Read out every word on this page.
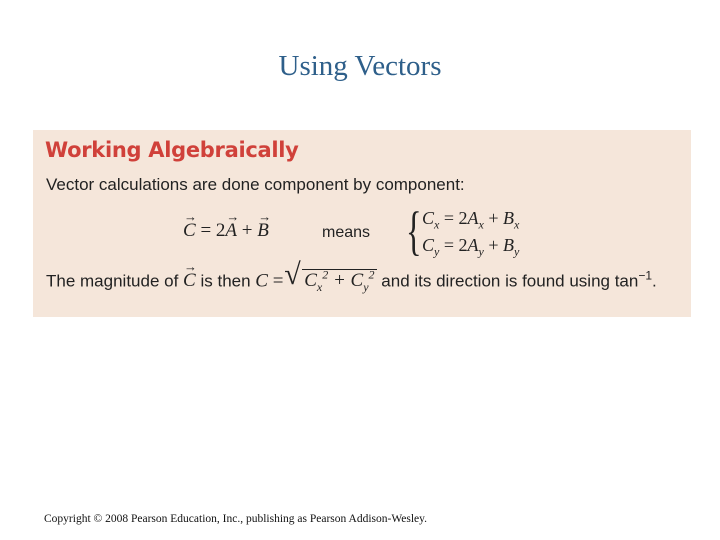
Using Vectors
Working Algebraically
Vector calculations are done component by component:
→ C = 2→ A + → B	means { $C_x = 2A_x + B_x$
$C_y = 2A_y + B_y$
The magnitude of → C is then C =
√ $C_x^2 + C_y^2$ and its direction is found using $\tan^{-1}$.
Copyright © 2008 Pearson Education, Inc., publishing as Pearson Addison-Wesley.
